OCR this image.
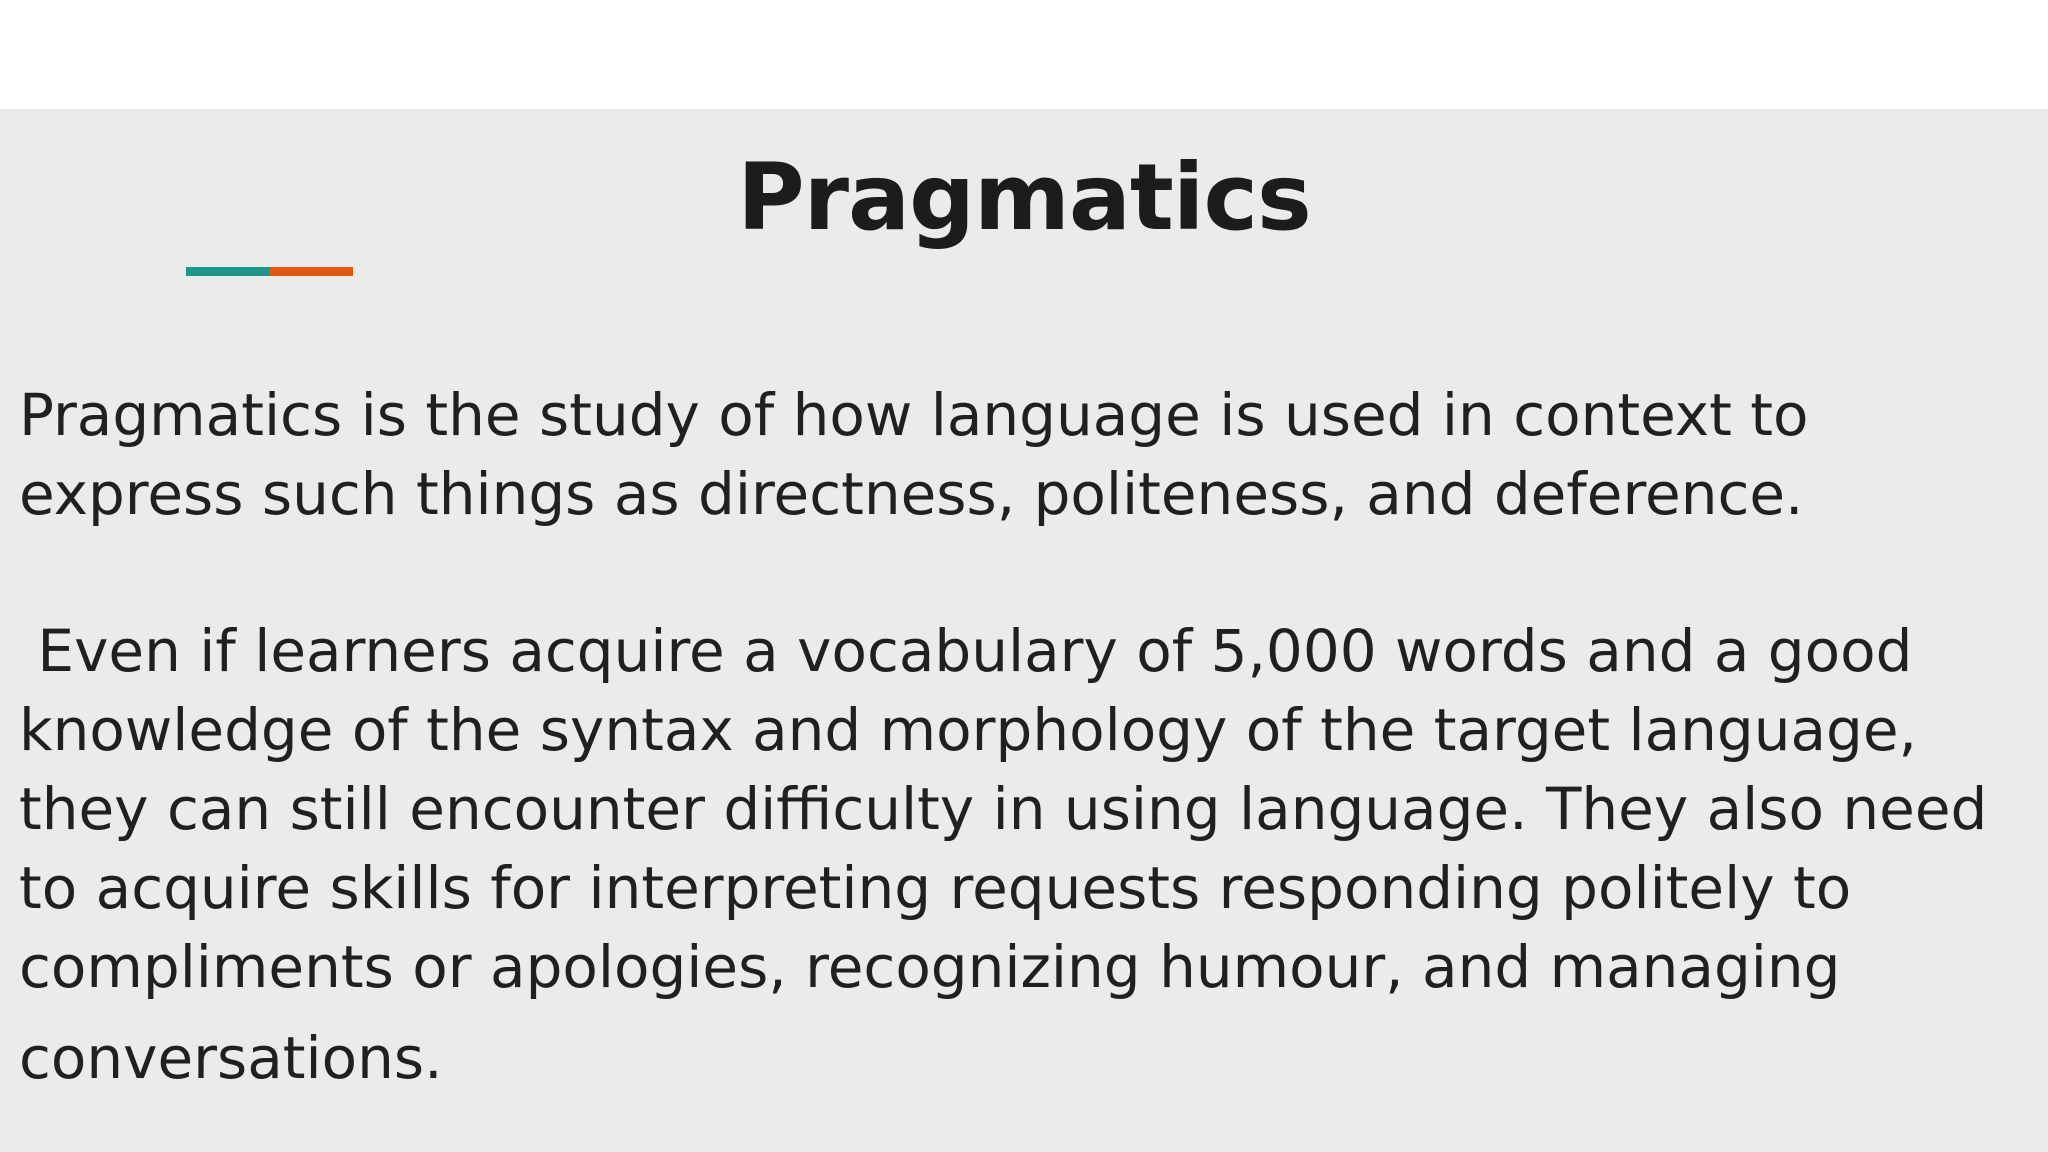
Pragmatics

Pragmatics is the study of how language is used in context to

express such things as directness, politeness, and deference.

Even if learners acquire a vocabulary of 5,000 words and a good

knowledge of the syntax and morphology of the target language,

they can still encounter difficulty in using language. They also need

to acquire skills for interpreting requests responding politely to

compliments or apologies, recognizing humour, and managing

conversations.
